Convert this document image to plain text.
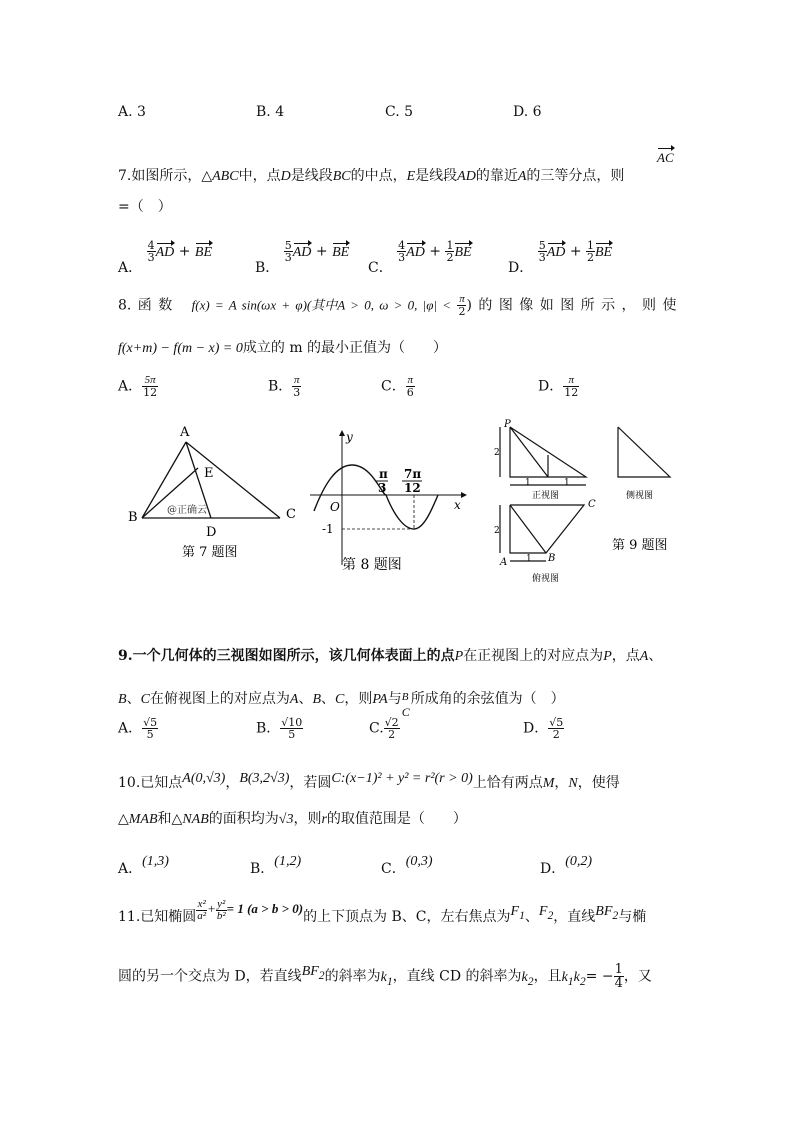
A. 3	B. 4	C. 5	D. 6
AC
7.如图所示，△ABC中，点D是线段BC的中点，E是线段AD的靠近A的三等分点，则
=（　）
A．
$\frac{4}{3}$ AD + BE
B．
$\frac{5}{3}$ AD + BE
C．
$\frac{4}{3}$ AD + $\frac{1}{2}$ BE
D．
$\frac{5}{3}$ AD + $\frac{1}{2}$ BE
8. 函 数 f(x) = A sin(ωx + φ)(其中A > 0, ω > 0, $|\varphi| < \frac{\pi}{2}$ ) 的 图 像 如 图 所 示 ， 则 使
f(x+m) − f(m − x) = 0成立的 m 的最小正值为（　　）
A． $\frac{5\pi}{12}$	B． $\frac{\pi}{3}$	C． $\frac{\pi}{6}$	D． $\frac{\pi}{12}$
A
B	C
D
E
@正确云
第 7 题图
y
x
O
-1
π
3
7π
12
第 8 题图
P
2
1	1
正视图	侧视图
C
B
A
2
1
俯视图
第 9 题图
9.一个几何体的三视图如图所示，该几何体表面上的点P在正视图上的对应点为P，点A、
B、C在俯视图上的对应点为A、B、C，则PA与 B
C
所成角的余弦值为（　）
A． $\frac{√5}{5}$	B． $\frac{√10}{5}$	C. $\frac{√2}{2}$	D． $\frac{√5}{2}$
10.已知点A(0,√3)，B(3,2√3)，若圆C:(x−1)² + y² = r²(r > 0)上恰有两点M，N，使得
△MAB和△NAB的面积均为√3，则r的取值范围是（　　）
A．(1,3)	B．(1,2)	C．(0,3)	D．(0,2)
11.已知椭圆 $\frac{\text{x²}}{\text{a²}} + \frac{\text{y²}}{\text{b²}} = 1$ (a > b > 0)的上下顶点为 B、C，左右焦点为$F_1$、$F_2$，直线$BF_2$与椭
圆的另一个交点为 D，若直线$BF_2$的斜率为$k_1$，直线 CD 的斜率为$k_2$，且$k_1k_2= - \frac{1}{4}$ ，又
